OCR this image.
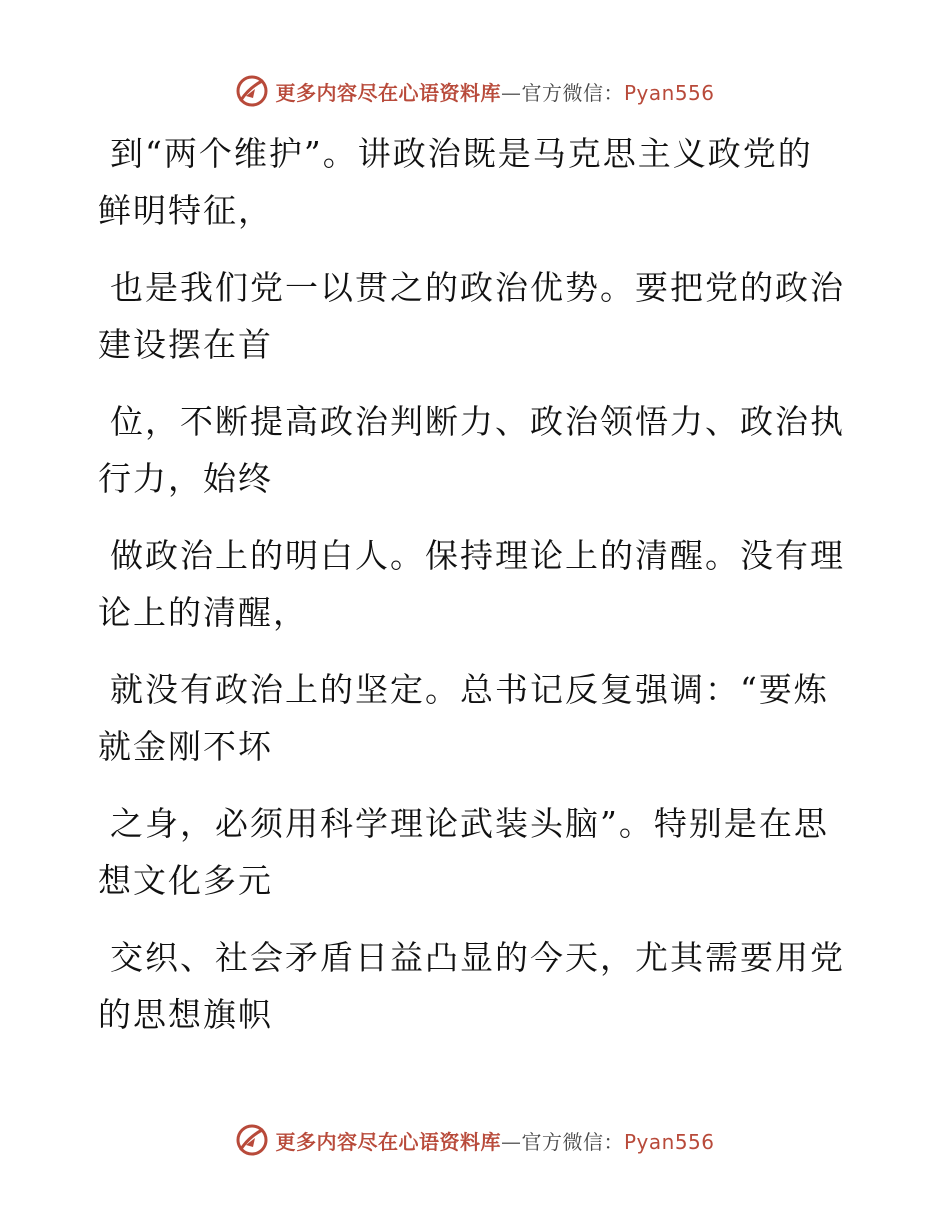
更多内容尽在心语资料库—官方微信：Pyan556

到“两个维护”。讲政治既是马克思主义政党的
鲜明特征，

也是我们党一以贯之的政治优势。要把党的政治
建设摆在首

位，不断提高政治判断力、政治领悟力、政治执
行力，始终

做政治上的明白人。保持理论上的清醒。没有理
论上的清醒，

就没有政治上的坚定。总书记反复强调：“要炼
就金刚不坏

之身，必须用科学理论武装头脑”。特别是在思
想文化多元

交织、社会矛盾日益凸显的今天，尤其需要用党
的思想旗帜

更多内容尽在心语资料库—官方微信：Pyan556
